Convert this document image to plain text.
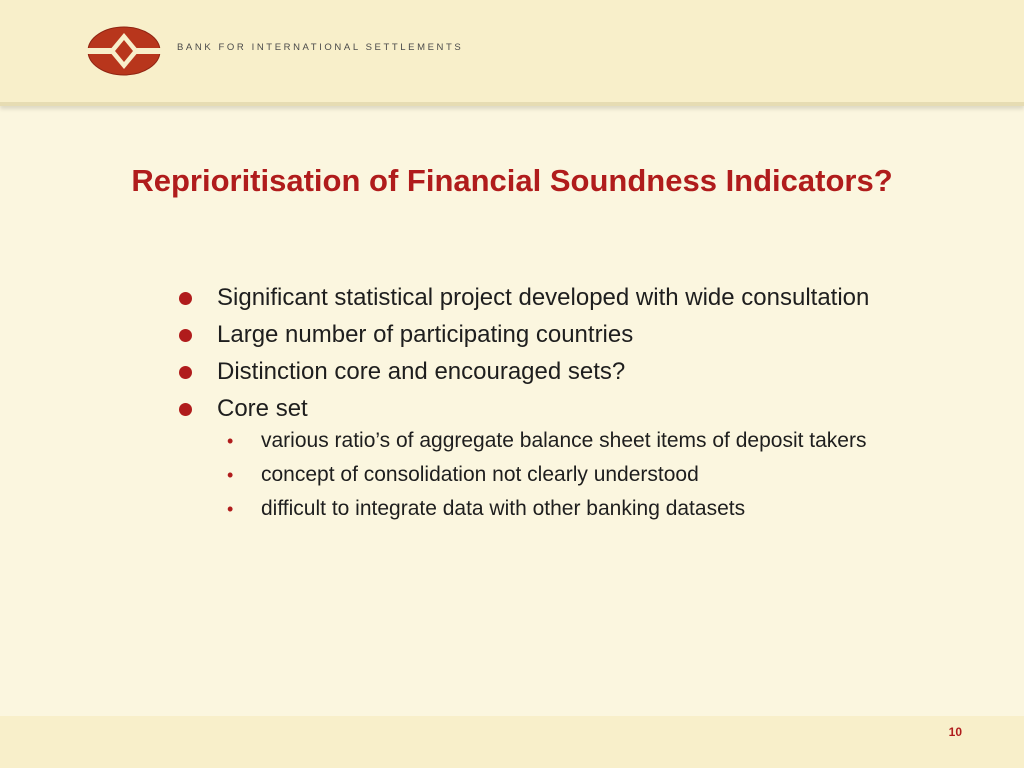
BANK FOR INTERNATIONAL SETTLEMENTS
Reprioritisation of Financial Soundness Indicators?
Significant statistical project developed with wide consultation
Large number of participating countries
Distinction core and encouraged sets?
Core set
• various ratio’s of aggregate balance sheet items of deposit takers
• concept of consolidation not clearly understood
• difficult to integrate data with other banking datasets
10
